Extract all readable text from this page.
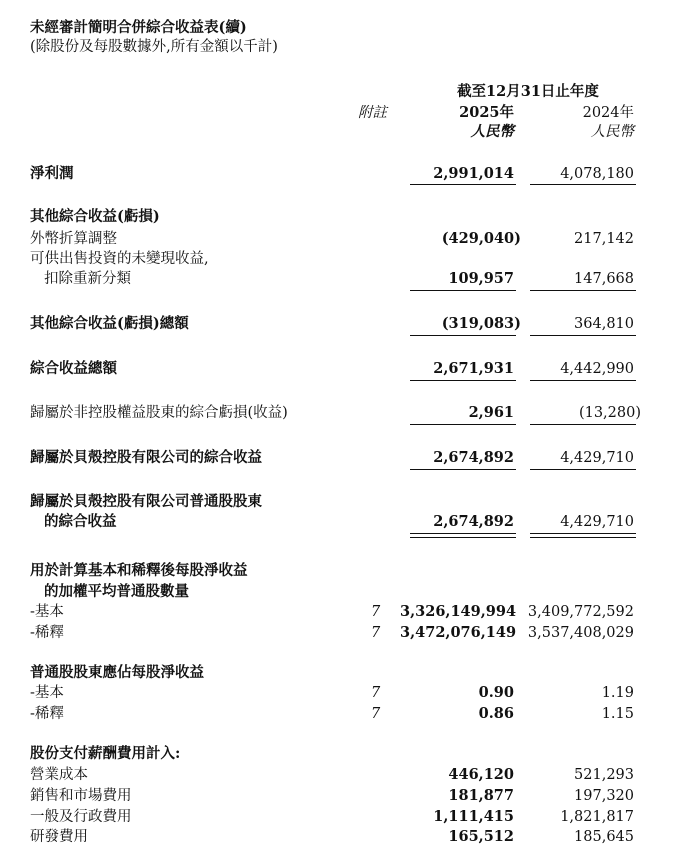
未經審計簡明合併綜合收益表(續)
(除股份及每股數據外,所有金額以千計)
截至12月31日止年度
附註	2025年	2024年
人民幣	人民幣
淨利潤	2,991,014	4,078,180
其他綜合收益(虧損)
外幣折算調整	(429,040)	217,142
可供出售投資的未變現收益,
扣除重新分類	109,957	147,668
其他綜合收益(虧損)總額	(319,083)	364,810
綜合收益總額	2,671,931	4,442,990
歸屬於非控股權益股東的綜合虧損(收益)	2,961	(13,280)
歸屬於貝殼控股有限公司的綜合收益	2,674,892	4,429,710
歸屬於貝殼控股有限公司普通股股東
的綜合收益	2,674,892	4,429,710
用於計算基本和稀釋後每股淨收益
的加權平均普通股數量
-基本	7 3,326,149,994 3,409,772,592
-稀釋	7 3,472,076,149 3,537,408,029
普通股股東應佔每股淨收益
-基本	7	0.90	1.19
-稀釋	7	0.86	1.15
股份支付薪酬費用計入:
營業成本	446,120	521,293
銷售和市場費用	181,877	197,320
一般及行政費用	1,111,415	1,821,817
研發費用	165,512	185,645
